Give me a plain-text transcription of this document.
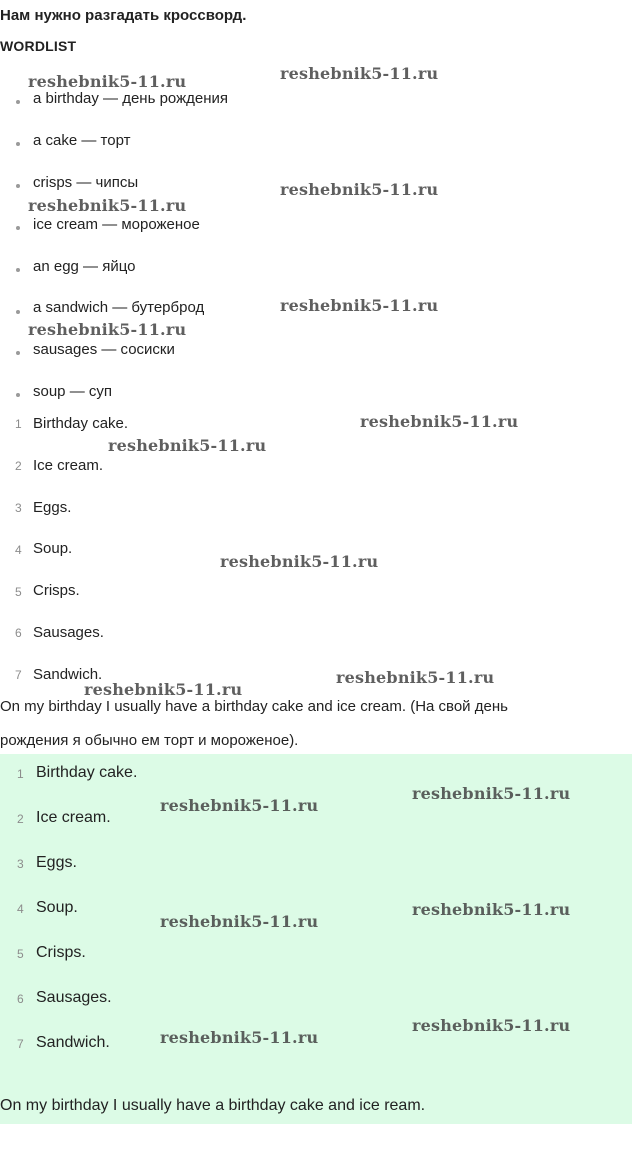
Нам нужно разгадать кроссворд.
WORDLIST
a birthday — день рождения
a cake — торт
crisps — чипсы
ice cream — мороженое
an egg — яйцо
a sandwich — бутерброд
sausages — сосиски
soup — суп
1 Birthday cake.
2 Ice cream.
3 Eggs.
4 Soup.
5 Crisps.
6 Sausages.
7 Sandwich.
On my birthday I usually have a birthday cake and ice cream. (На свой день
рождения я обычно ем торт и мороженое).
1 Birthday cake.
2 Ice cream.
3 Eggs.
4 Soup.
5 Crisps.
6 Sausages.
7 Sandwich.
On my birthday I usually have a birthday cake and ice ream.
reshebnik5-11.ru	reshebnik5-11.ru
reshebnik5-11.ru
reshebnik5-11.ru
reshebnik5-11.ru
reshebnik5-11.ru
reshebnik5-11.ru
reshebnik5-11.ru
reshebnik5-11.ru
reshebnik5-11.ru
reshebnik5-11.ru
reshebnik5-11.ru
reshebnik5-11.ru
reshebnik5-11.ru
reshebnik5-11.ru
reshebnik5-11.ru
reshebnik5-11.ru
